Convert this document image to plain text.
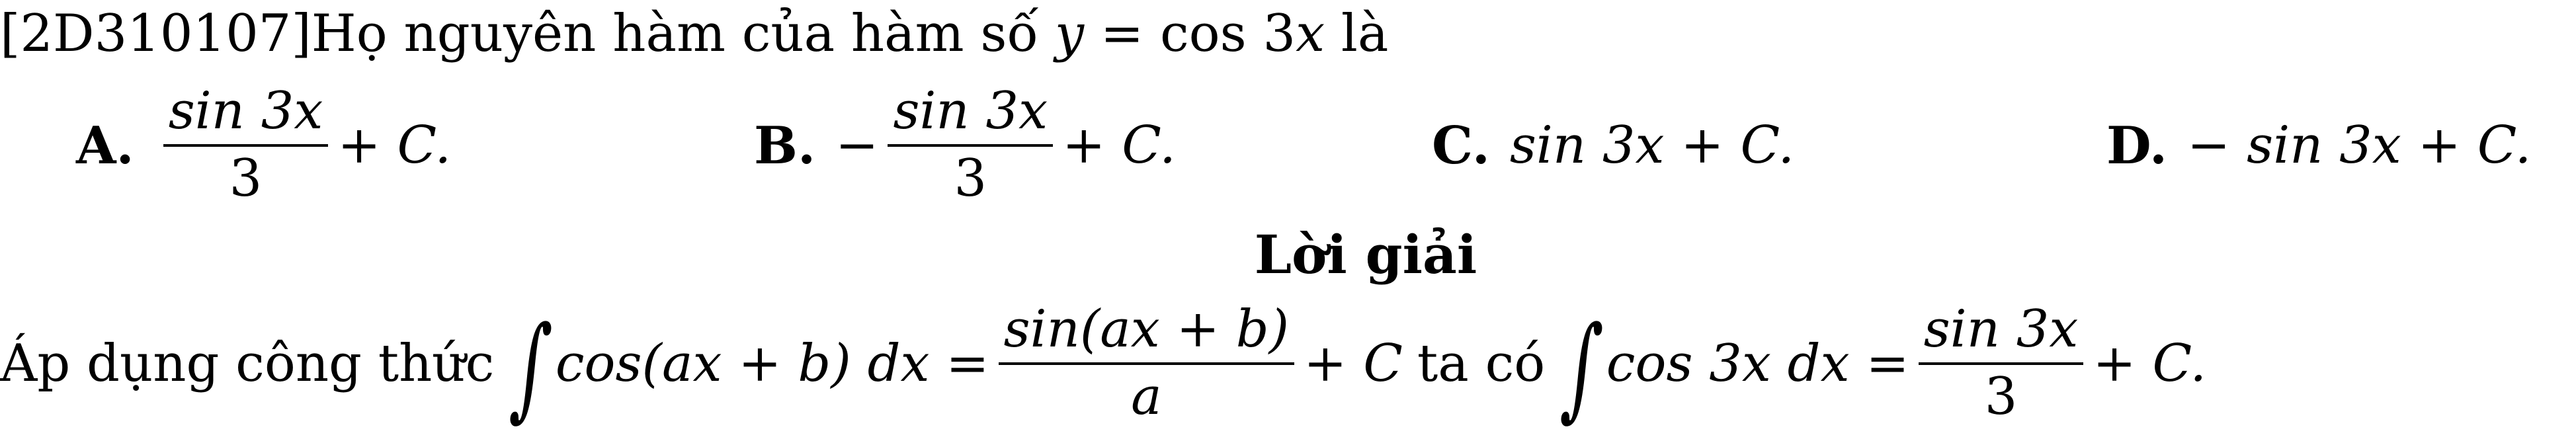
[2D310107]Họ nguyên hàm của hàm số y = cos 3x là
A. $\frac{\sin 3x}{3} + C$.	B. − $\frac{\sin 3x}{3} + C$.	C. sin 3x + C.	D. − sin 3x + C.
Lời giải
Áp dụng công thức ∫ cos(ax + b) dx = $\frac{\sin(ax + b)}{a} + C$ ta có ∫ cos 3x dx = $\frac{\sin 3x}{3} + C$.
